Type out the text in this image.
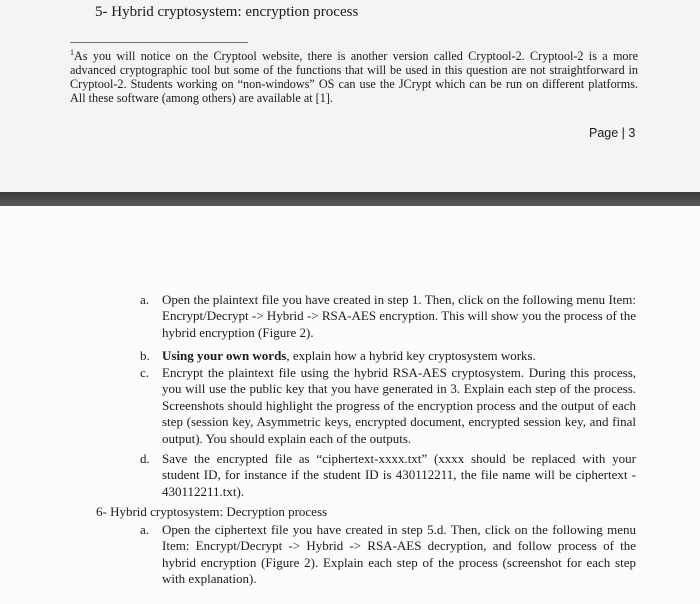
5- Hybrid cryptosystem: encryption process
$^1$As you will notice on the Cryptool website, there is another version called Cryptool-2. Cryptool-2 is a more advanced cryptographic tool but some of the functions that will be used in this question are not straightforward in Cryptool-2. Students working on “non-windows” OS can use the JCrypt which can be run on different platforms. All these software (among others) are available at [1].
Page | 3
a. Open the plaintext file you have created in step 1. Then, click on the following menu Item: Encrypt/Decrypt -> Hybrid -> RSA-AES encryption. This will show you the process of the hybrid encryption (Figure 2).
b. Using your own words, explain how a hybrid key cryptosystem works.
c. Encrypt the plaintext file using the hybrid RSA-AES cryptosystem. During this process, you will use the public key that you have generated in 3. Explain each step of the process. Screenshots should highlight the progress of the encryption process and the output of each step (session key, Asymmetric keys, encrypted document, encrypted session key, and final output). You should explain each of the outputs.
d. Save the encrypted file as “ciphertext-xxxx.txt” (xxxx should be replaced with your student ID, for instance if the student ID is 430112211, the file name will be ciphertext - 430112211.txt).
6- Hybrid cryptosystem: Decryption process
a. Open the ciphertext file you have created in step 5.d. Then, click on the following menu Item: Encrypt/Decrypt -> Hybrid -> RSA-AES decryption, and follow process of the hybrid encryption (Figure 2). Explain each step of the process (screenshot for each step with explanation).
